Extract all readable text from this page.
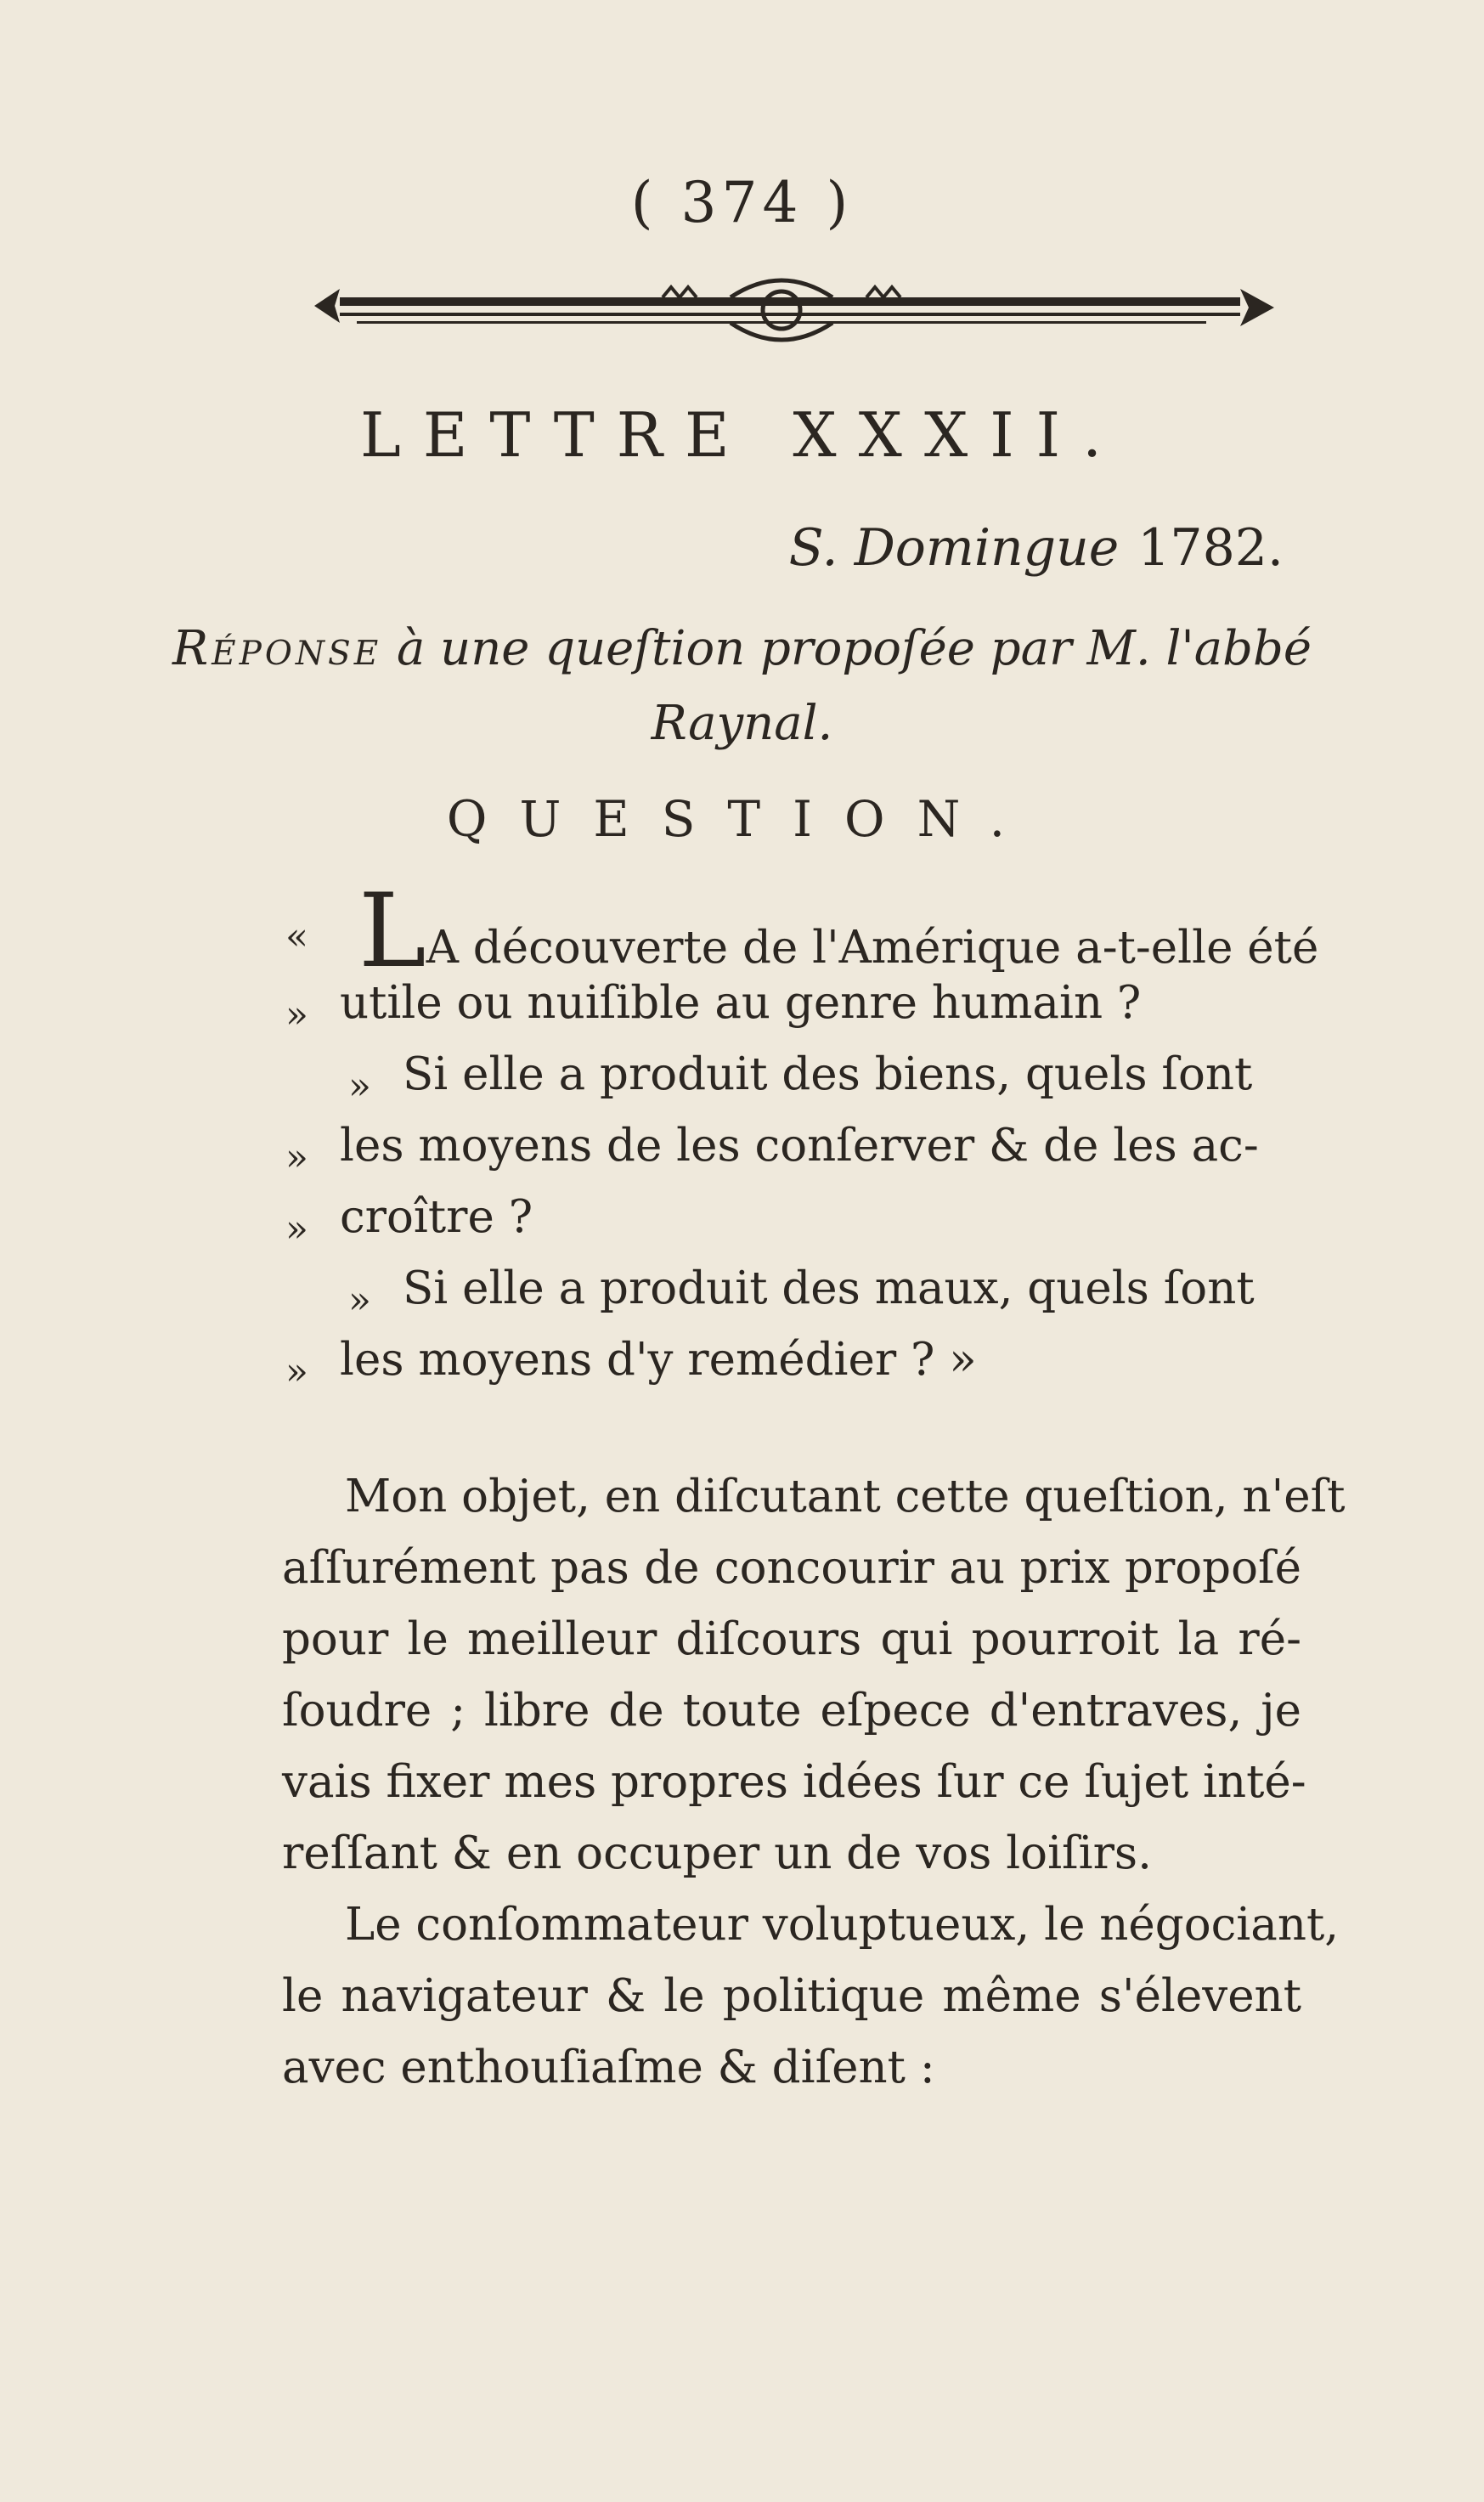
( 374 )
LETTRE XXXII.
S. Domingue 1782.
Réponse à une queſtion propoſée par M. l'abbé
Raynal.
QUESTION.
« LA découverte de l'Amérique a-t-elle été
» utile ou nuiſible au genre humain ?
» Si elle a produit des biens, quels ſont
» les moyens de les conſerver & de les ac-
» croître ?
» Si elle a produit des maux, quels ſont
» les moyens d'y remédier ? »
Mon objet, en diſcutant cette queſtion, n'eſt
aſſurément pas de concourir au prix propoſé
pour le meilleur diſcours qui pourroit la ré-
ſoudre ; libre de toute eſpece d'entraves, je
vais fixer mes propres idées ſur ce ſujet inté-
reſſant & en occuper un de vos loiſirs.
Le conſommateur voluptueux, le négociant,
le navigateur & le politique même s'élevent
avec enthouſiaſme & diſent :
